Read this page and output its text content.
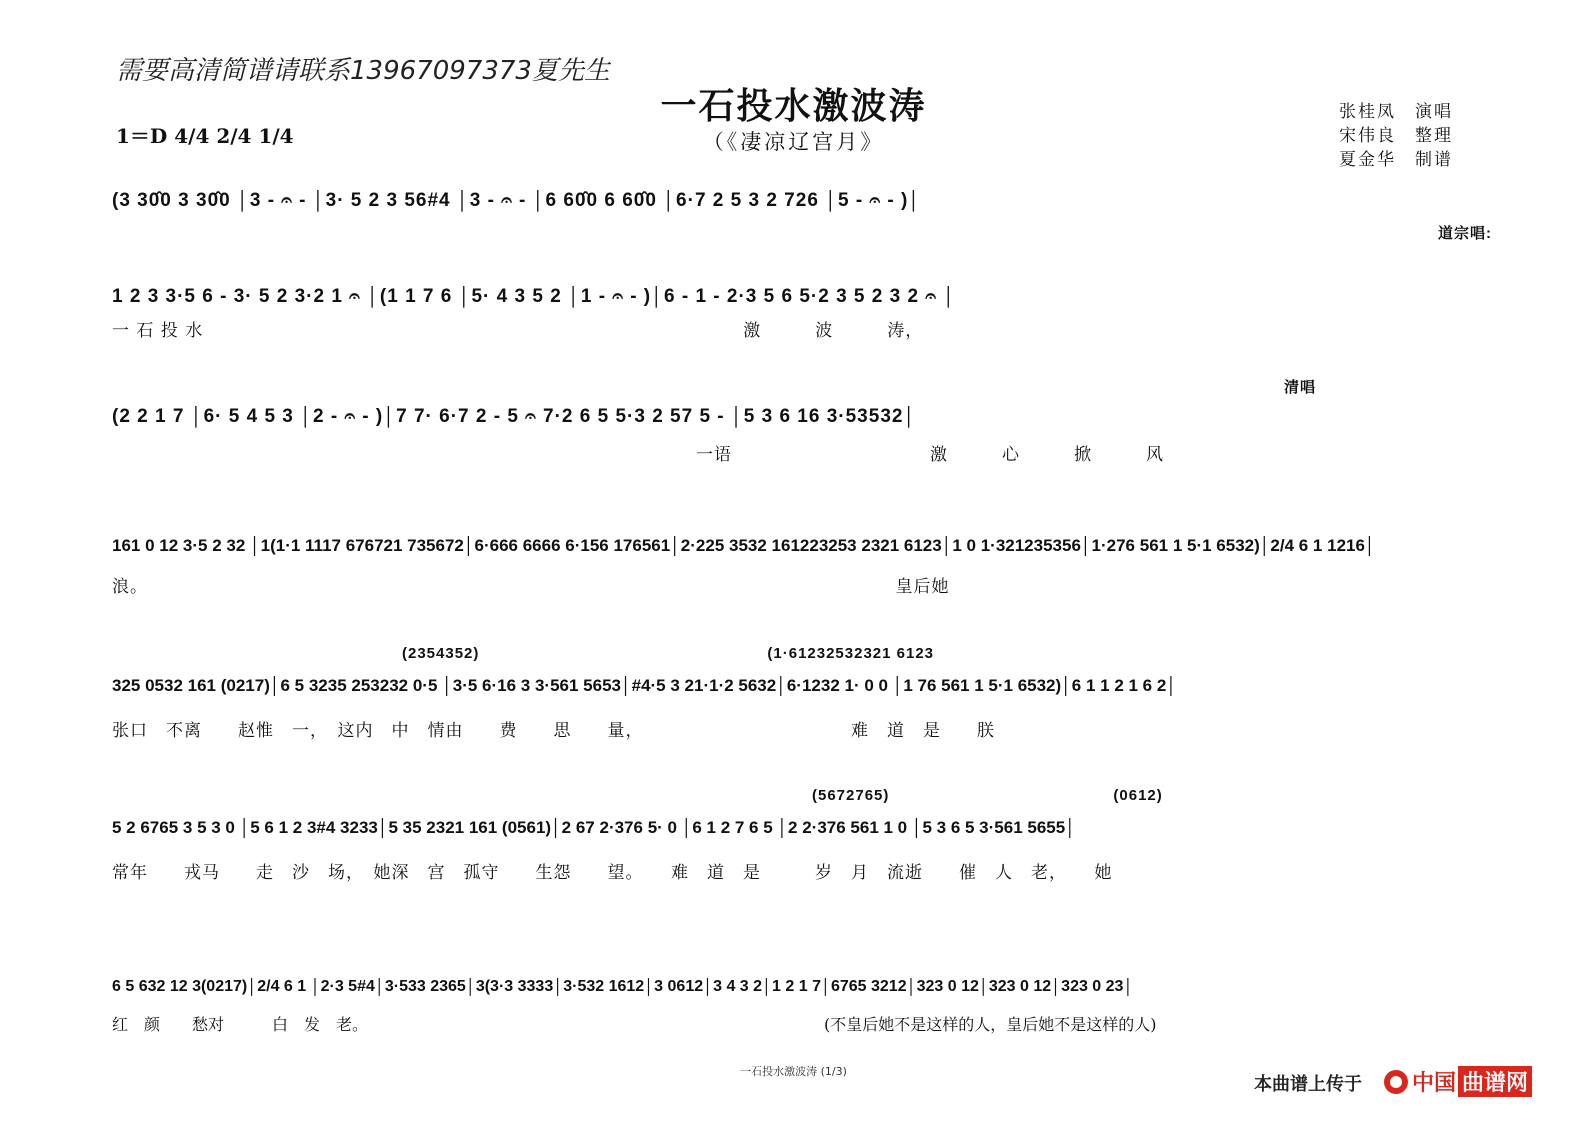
需要高清简谱请联系13967097373夏先生
一石投水激波涛
（《凄凉辽宫月》
1＝D 4/4 2/4 1/4
张桂凤　演唱
宋伟良　整理
夏金华　制谱
(3 30̂0 3 30̂0 │3 - 𝄐 - │3· 5 2 3 56#4 │3 - 𝄐 - │6 60̂0 6 60̂0 │6·7 2 5 3 2 726 │5 - 𝄐 - )│
道宗唱:
1 2 3 3·5 6 - 3· 5 2 3·2 1 𝄐 │(1 1 7 6 │5· 4 3 5 2 │1 - 𝄐 - )│6 - 1 - 2·3 5 6 5·2 3 5 2 3 2 𝄐 │
一 石 投 水　　　　　　　　　　　　　　　　　　　　　　　　　　　　　　激　　　波　　　涛，
清唱
(2 2 1 7 │6· 5 4 5 3 │2 - 𝄐 - )│7 7· 6·7 2 - 5 𝄐 7·2 6 5 5·3 2 57 5 - │5 3 6 16 3·53532│
一语　　　　　　　　　　　激　　　心　　　掀　　　风
161 0 12 3·5 2 32 │1(1·1 1117 676721 735672│6·666 6666 6·156 176561│2·225 3532 161223253 2321 6123│1 0 1·321235356│1·276 561 1 5·1 6532)│2/4 6 1 1216│
浪。　　　　　　　　　　　　　　　　　　　　　　　　　　　　　　　　　　　　　　　　　　皇后她
(2354352)　　　　　　　　　　　　　　　　　　(1·61232532321 6123
325 0532 161 (0217)│6 5 3235 253232 0·5 │3·5 6·16 3 3·561 5653│#4·5 3 21·1·2 5632│6·1232 1· 0 0 │1 76 561 1 5·1 6532)│6 1 1 2 1 6 2│
张口　不离　　赵惟　一，　这内　中　情由　　费　　思　　量，　　　　　　　　　　　　难　道　是　　朕
(5672765)　　　　　　　　　　　　　　(0612)
5 2 6765 3 5 3 0 │5 6 1 2 3#4 3233│5 35 2321 161 (0561)│2 67 2·376 5· 0 │6 1 2 7 6 5 │2 2·376 561 1 0 │5 3 6 5 3·561 5655│
常年　　戎马　　走　沙　场，　她深　宫　孤守　　生怨　　望。　　难　道　是　　　岁　月　流逝　　催　人　老，　　她
6 5 632 12 3(0217)│2/4 6 1 │2·3 5#4│3·533 2365│3(3·3 3333│3·532 1612│3 0612│3 4 3 2│1 2 1 7│6765 3212│323 0 12│323 0 12│323 0 23│
红　颜　　愁对　　　白　发　老。　　　　　　　　　　　　　　　　　　　　　　　　　　　　　(不皇后她不是这样的人，皇后她不是这样的人)
一石投水激波涛 (1/3)
本曲谱上传于 中国 曲谱网
